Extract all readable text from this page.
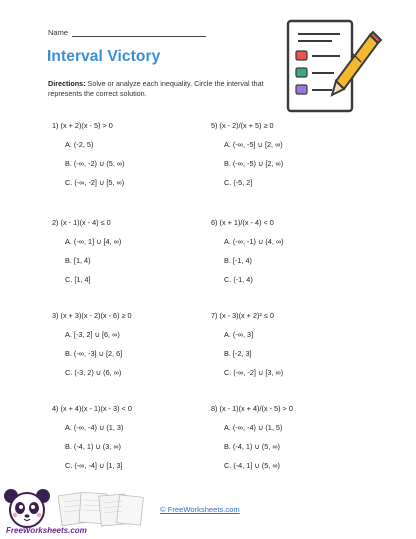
Name
Interval Victory
Directions: Solve or analyze each inequality. Circle the interval that represents the correct solution.
1) (x + 2)(x - 5) > 0
A. (-2, 5)
B. (-∞, -2) ∪ (5, ∞)
C. (-∞, -2] ∪ [5, ∞)
5) (x - 2)/(x + 5) ≥ 0
A. (-∞, -5] ∪ [2, ∞)
B. (-∞, -5) ∪ [2, ∞)
C. (-5, 2]
2) (x - 1)(x - 4) ≤ 0
A. (-∞, 1] ∪ [4, ∞)
B. [1, 4)
C. [1, 4]
6) (x + 1)/(x - 4) < 0
A. (-∞, -1) ∪ (4, ∞)
B. [-1, 4)
C. (-1, 4)
3) (x + 3)(x - 2)(x - 6) ≥ 0
A. [-3, 2] ∪ [6, ∞)
B. (-∞, -3] ∪ [2, 6]
C. (-3, 2) ∪ (6, ∞)
7) (x - 3)(x + 2)² ≤ 0
A. (-∞, 3]
B. [-2, 3]
C. (-∞, -2] ∪ [3, ∞)
4) (x + 4)(x - 1)(x - 3) < 0
A. (-∞, -4) ∪ (1, 3)
B. (-4, 1) ∪ (3, ∞)
C. (-∞, -4] ∪ [1, 3]
8) (x - 1)(x + 4)/(x - 5) > 0
A. (-∞, -4) ∪ (1, 5)
B. (-4, 1) ∪ (5, ∞)
C. (-4, 1] ∪ (5, ∞)
FreeWorksheets.com
© FreeWorksheets.com
